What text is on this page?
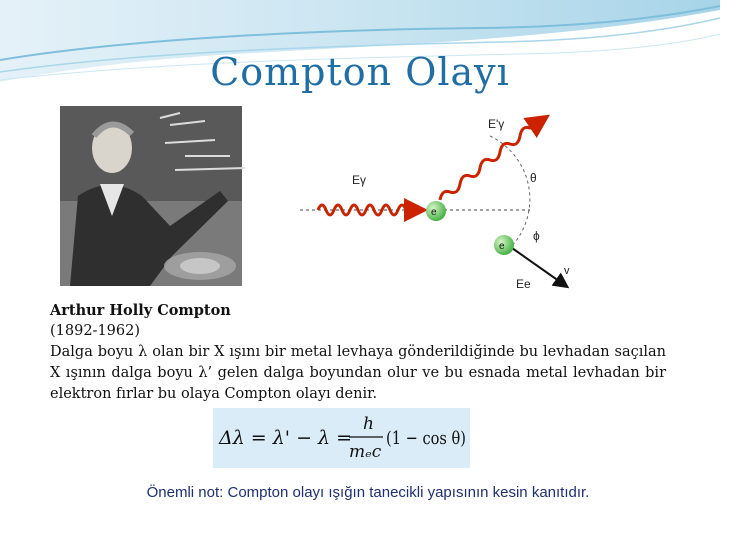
Compton Olayı
Eγ
E'γ
e
e
θ
ϕ
Ee
v
Arthur Holly Compton
(1892-1962)
Dalga boyu λ olan bir X ışını bir metal levhaya gönderildiğinde bu levhadan saçılan X ışının dalga boyu λ’ gelen dalga boyundan olur ve bu esnada metal levhadan bir elektron fırlar bu olaya Compton olayı denir.
Δλ = λ' − λ =
h
mₑc
(1 − cos θ)
Önemli not: Compton olayı ışığın tanecikli yapısının kesin kanıtıdır.
